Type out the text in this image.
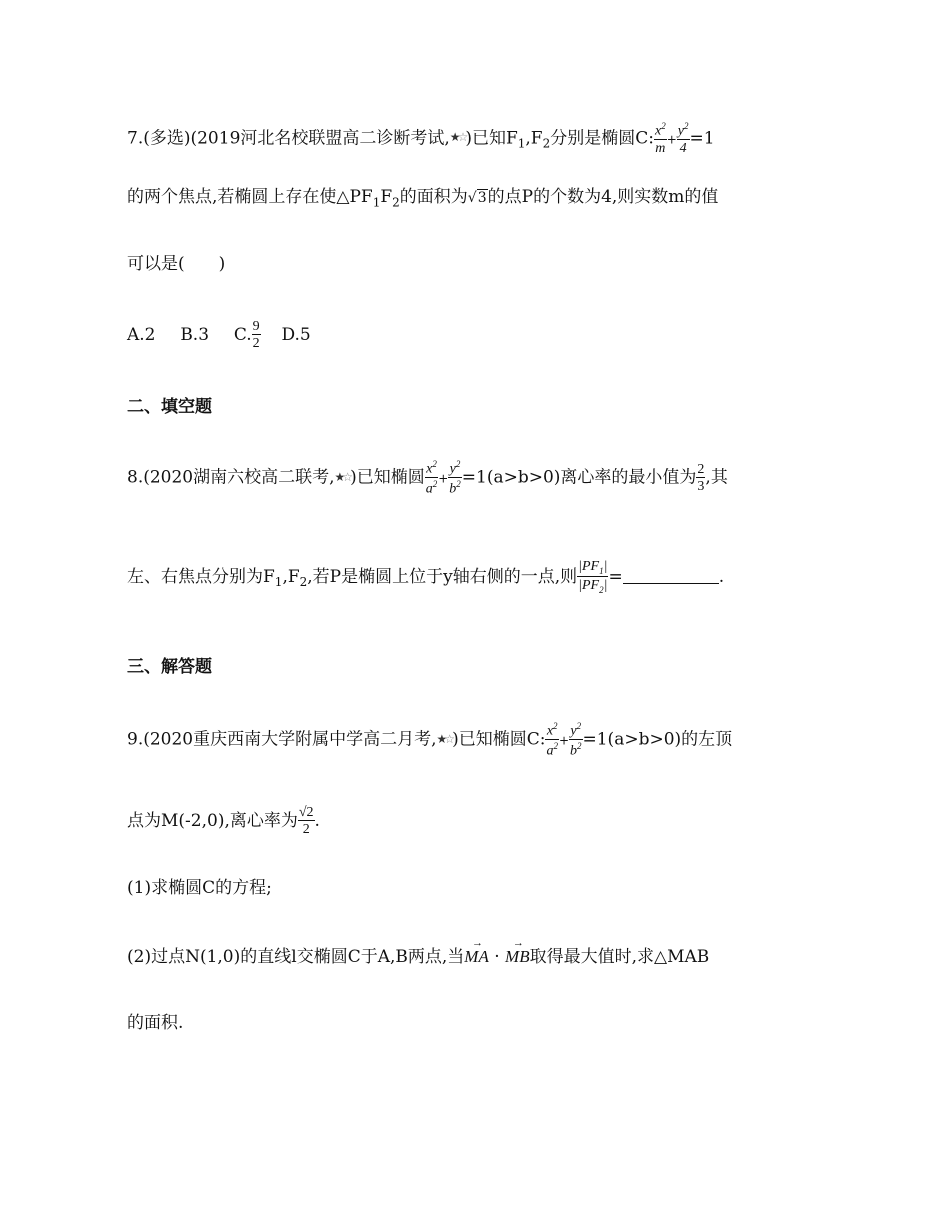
7.(多选)(2019河北名校联盟高二诊断考试,★☆)已知$F_1,F_2$分别是椭圆C: $\frac{x^2}{m} + \frac{y^2}{4} =1$
的两个焦点,若椭圆上存在使$\triangle PF_1F_2$的面积为√3的点P的个数为4,则实数m的值
可以是(　　)
A.2 B.3 C. $\frac{9}{2} D.5$
二、填空题
8.(2020湖南六校高二联考,★☆)已知椭圆 $\frac{x^2}{a^2} + \frac{y^2}{b^2} =1(a>b>0)$离心率的最小值为 $\frac{2}{3}$ ,其
左、右焦点分别为$F_1,F_2$,若P是椭圆上位于y轴右侧的一点,则 $\frac{|PF_1|}{|PF_2|}$ =	.
三、解答题
9.(2020重庆西南大学附属中学高二月考,★☆)已知椭圆C: $\frac{x^2}{a^2} + \frac{y^2}{b^2} =1(a>b>0)$的左顶
点为M(-2,0),离心率为 $\frac{√2}{2}$ .
(1)求椭圆C的方程;
(2)过点N(1,0)的直线l交椭圆C于A,B两点,当→ MA · → MB取得最大值时,求△MAB
的面积.
